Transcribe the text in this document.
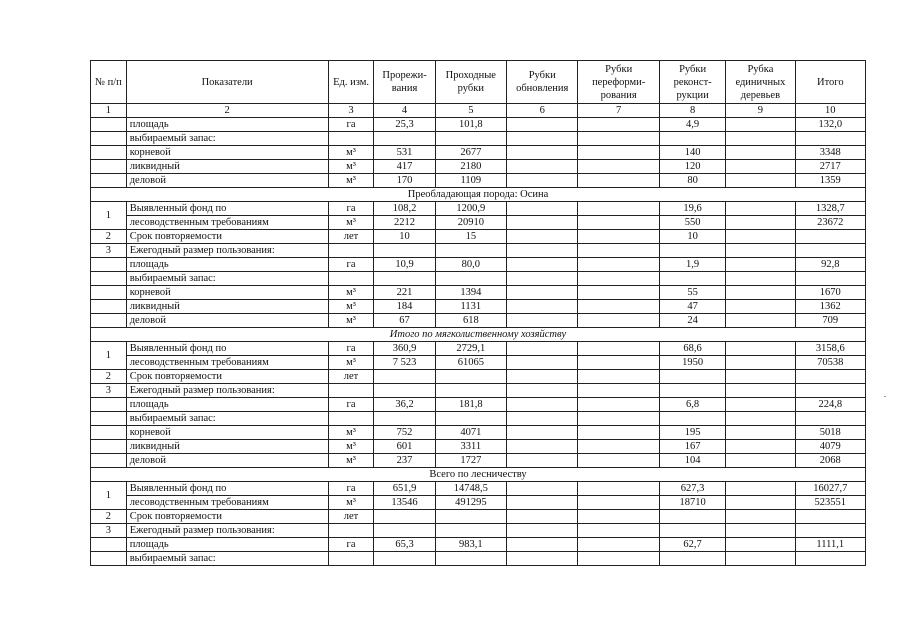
№ п/п	Показатели	Ед. изм.	Прорежи-вания	Проходные рубки	Рубки обновления	Рубки переформи-рования	Рубки реконст-рукции	Рубка единичных деревьев	Итого
1	2	3	4	5	6	7	8	9	10
	площадь	га	25,3	101,8			4,9		132,0
	выбираемый запас:								
	корневой	м³	531	2677			140		3348
	ликвидный	м³	417	2180			120		2717
	деловой	м³	170	1109			80		1359
Преобладающая порода: Осина									
1	Выявленный фонд по	га	108,2	1200,9			19,6		1328,7
	лесоводственным требованиям	м³	2212	20910			550		23672
2	Срок повторяемости	лет	10	15			10		
3	Ежегодный размер пользования:								
	площадь	га	10,9	80,0			1,9		92,8
	выбираемый запас:								
	корневой	м³	221	1394			55		1670
	ликвидный	м³	184	1131			47		1362
	деловой	м³	67	618			24		709
Итого по мягколиственному хозяйству									
1	Выявленный фонд по	га	360,9	2729,1			68,6		3158,6
	лесоводственным требованиям	м³	7 523	61065			1950		70538
2	Срок повторяемости	лет							
3	Ежегодный размер пользования:								
	площадь	га	36,2	181,8			6,8		224,8
	выбираемый запас:								
	корневой	м³	752	4071			195		5018
	ликвидный	м³	601	3311			167		4079
	деловой	м³	237	1727			104		2068
Всего по лесничеству									
1	Выявленный фонд по	га	651,9	14748,5			627,3		16027,7
	лесоводственным требованиям	м³	13546	491295			18710		523551
2	Срок повторяемости	лет							
3	Ежегодный размер пользования:								
	площадь	га	65,3	983,1			62,7		1111,1
	выбираемый запас:								
